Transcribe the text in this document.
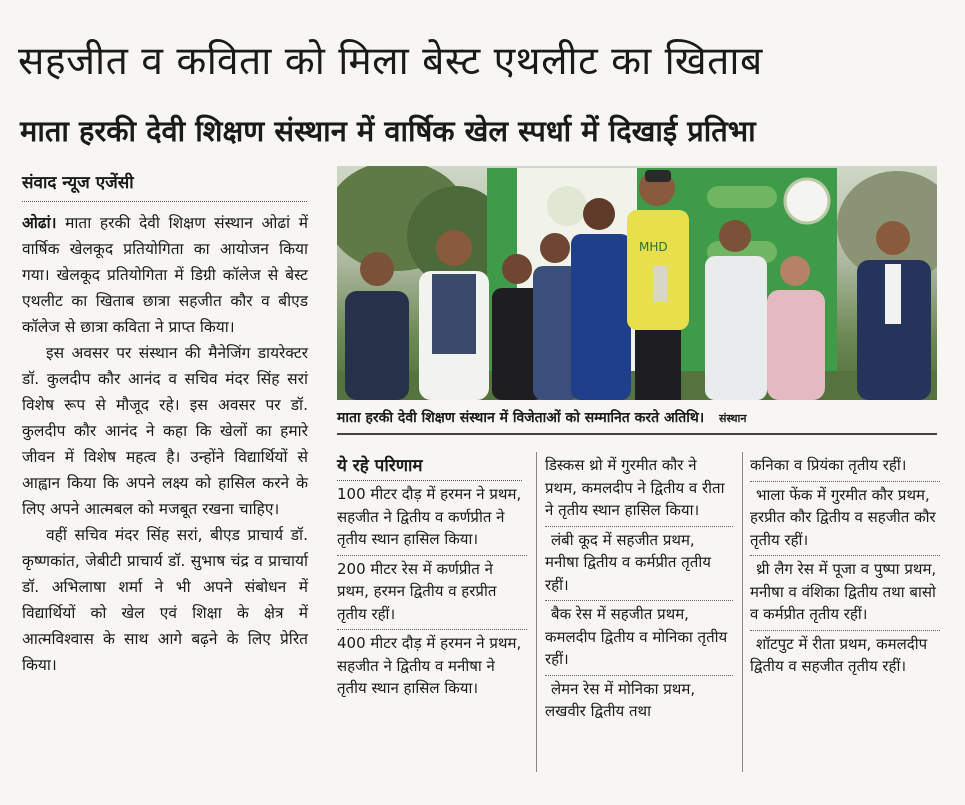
सहजीत व कविता को मिला बेस्ट एथलीट का खिताब
माता हरकी देवी शिक्षण संस्थान में वार्षिक खेल स्पर्धा में दिखाई प्रतिभा
संवाद न्यूज एजेंसी

ओढां। माता हरकी देवी शिक्षण संस्थान ओढां में वार्षिक खेलकूद प्रतियोगिता का आयोजन किया गया। खेलकूद प्रतियोगिता में डिग्री कॉलेज से बेस्ट एथलीट का खिताब छात्रा सहजीत कौर व बीएड कॉलेज से छात्रा कविता ने प्राप्त किया।

इस अवसर पर संस्थान की मैनेजिंग डायरेक्टर डॉ. कुलदीप कौर आनंद व सचिव मंदर सिंह सरां विशेष रूप से मौजूद रहे। इस अवसर पर डॉ. कुलदीप कौर आनंद ने कहा कि खेलों का हमारे जीवन में विशेष महत्व है। उन्होंने विद्यार्थियों से आह्वान किया कि अपने लक्ष्य को हासिल करने के लिए अपने आत्मबल को मजबूत रखना चाहिए।

वहीं सचिव मंदर सिंह सरां, बीएड प्राचार्य डॉ. कृष्णकांत, जेबीटी प्राचार्य डॉ. सुभाष चंद्र व प्राचार्या डॉ. अभिलाषा शर्मा ने भी अपने संबोधन में विद्यार्थियों को खेल एवं शिक्षा के क्षेत्र में आत्मविश्वास के साथ आगे बढ़ने के लिए प्रेरित किया।

MHD
माता हरकी देवी शिक्षण संस्थान में विजेताओं को सम्मानित करते अतिथि। संस्थान
ये रहे परिणाम

100 मीटर दौड़ में हरमन ने प्रथम, सहजीत ने द्वितीय व कर्णप्रीत ने तृतीय स्थान हासिल किया।

200 मीटर रेस में कर्णप्रीत ने प्रथम, हरमन द्वितीय व हरप्रीत तृतीय रहीं।

400 मीटर दौड़ में हरमन ने प्रथम, सहजीत ने द्वितीय व मनीषा ने तृतीय स्थान हासिल किया।

डिस्कस थ्रो में गुरमीत कौर ने प्रथम, कमलदीप ने द्वितीय व रीता ने तृतीय स्थान हासिल किया।

लंबी कूद में सहजीत प्रथम, मनीषा द्वितीय व कर्मप्रीत तृतीय रहीं।

बैक रेस में सहजीत प्रथम, कमलदीप द्वितीय व मोनिका तृतीय रहीं।

लेमन रेस में मोनिका प्रथम, लखवीर द्वितीय तथा

कनिका व प्रियंका तृतीय रहीं।

भाला फेंक में गुरमीत कौर प्रथम, हरप्रीत कौर द्वितीय व सहजीत कौर तृतीय रहीं।

थ्री लैग रेस में पूजा व पुष्पा प्रथम, मनीषा व वंशिका द्वितीय तथा बासो व कर्मप्रीत तृतीय रहीं।

शॉटपुट में रीता प्रथम, कमलदीप द्वितीय व सहजीत तृतीय रहीं।
